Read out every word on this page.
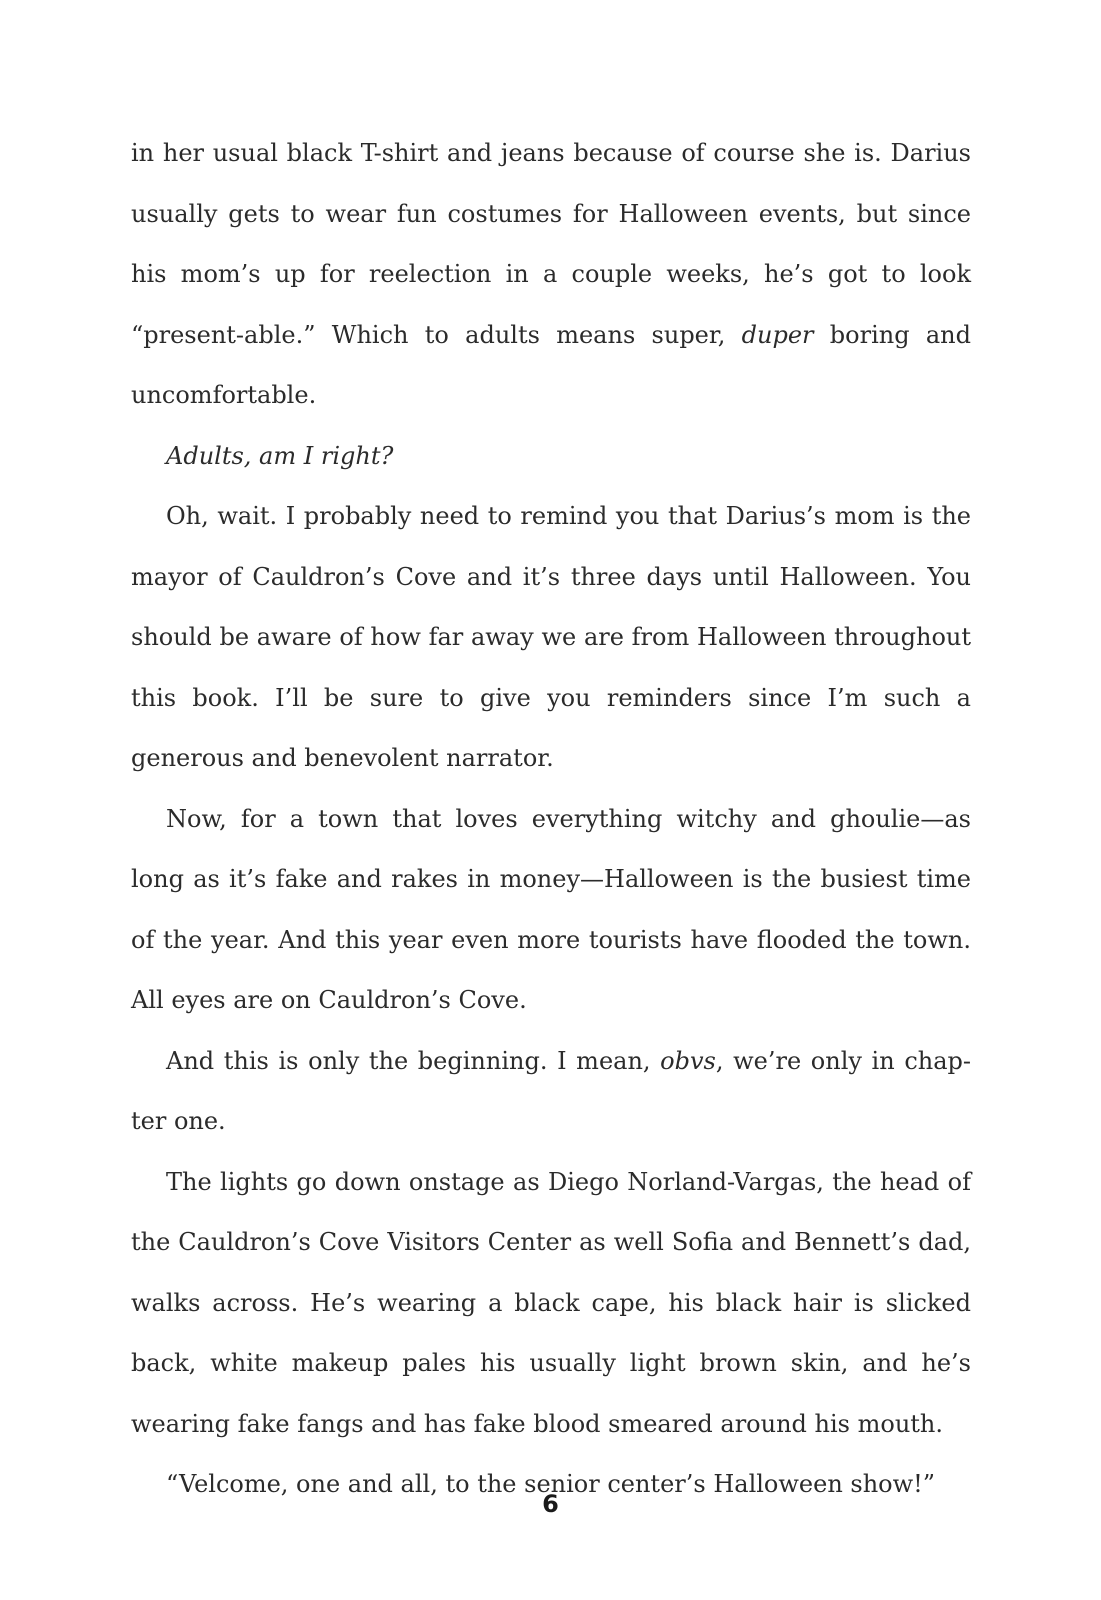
in her usual black T-shirt and jeans because of course she is. Darius usually gets to wear fun costumes for Halloween events, but since his mom’s up for reelection in a couple weeks, he’s got to look “present-able.” Which to adults means super, duper boring and uncomfortable.

Adults, am I right?

Oh, wait. I probably need to remind you that Darius’s mom is the mayor of Cauldron’s Cove and it’s three days until Halloween. You should be aware of how far away we are from Halloween throughout this book. I’ll be sure to give you reminders since I’m such a generous and benevolent narrator.

Now, for a town that loves everything witchy and ghoulie—as long as it’s fake and rakes in money—Halloween is the busiest time of the year. And this year even more tourists have flooded the town. All eyes are on Cauldron’s Cove.

And this is only the beginning. I mean, obvs, we’re only in chap-ter one.

The lights go down onstage as Diego Norland-Vargas, the head of the Cauldron’s Cove Visitors Center as well Sofia and Bennett’s dad, walks across. He’s wearing a black cape, his black hair is slicked back, white makeup pales his usually light brown skin, and he’s wearing fake fangs and has fake blood smeared around his mouth.

“Velcome, one and all, to the senior center’s Halloween show!”

6
